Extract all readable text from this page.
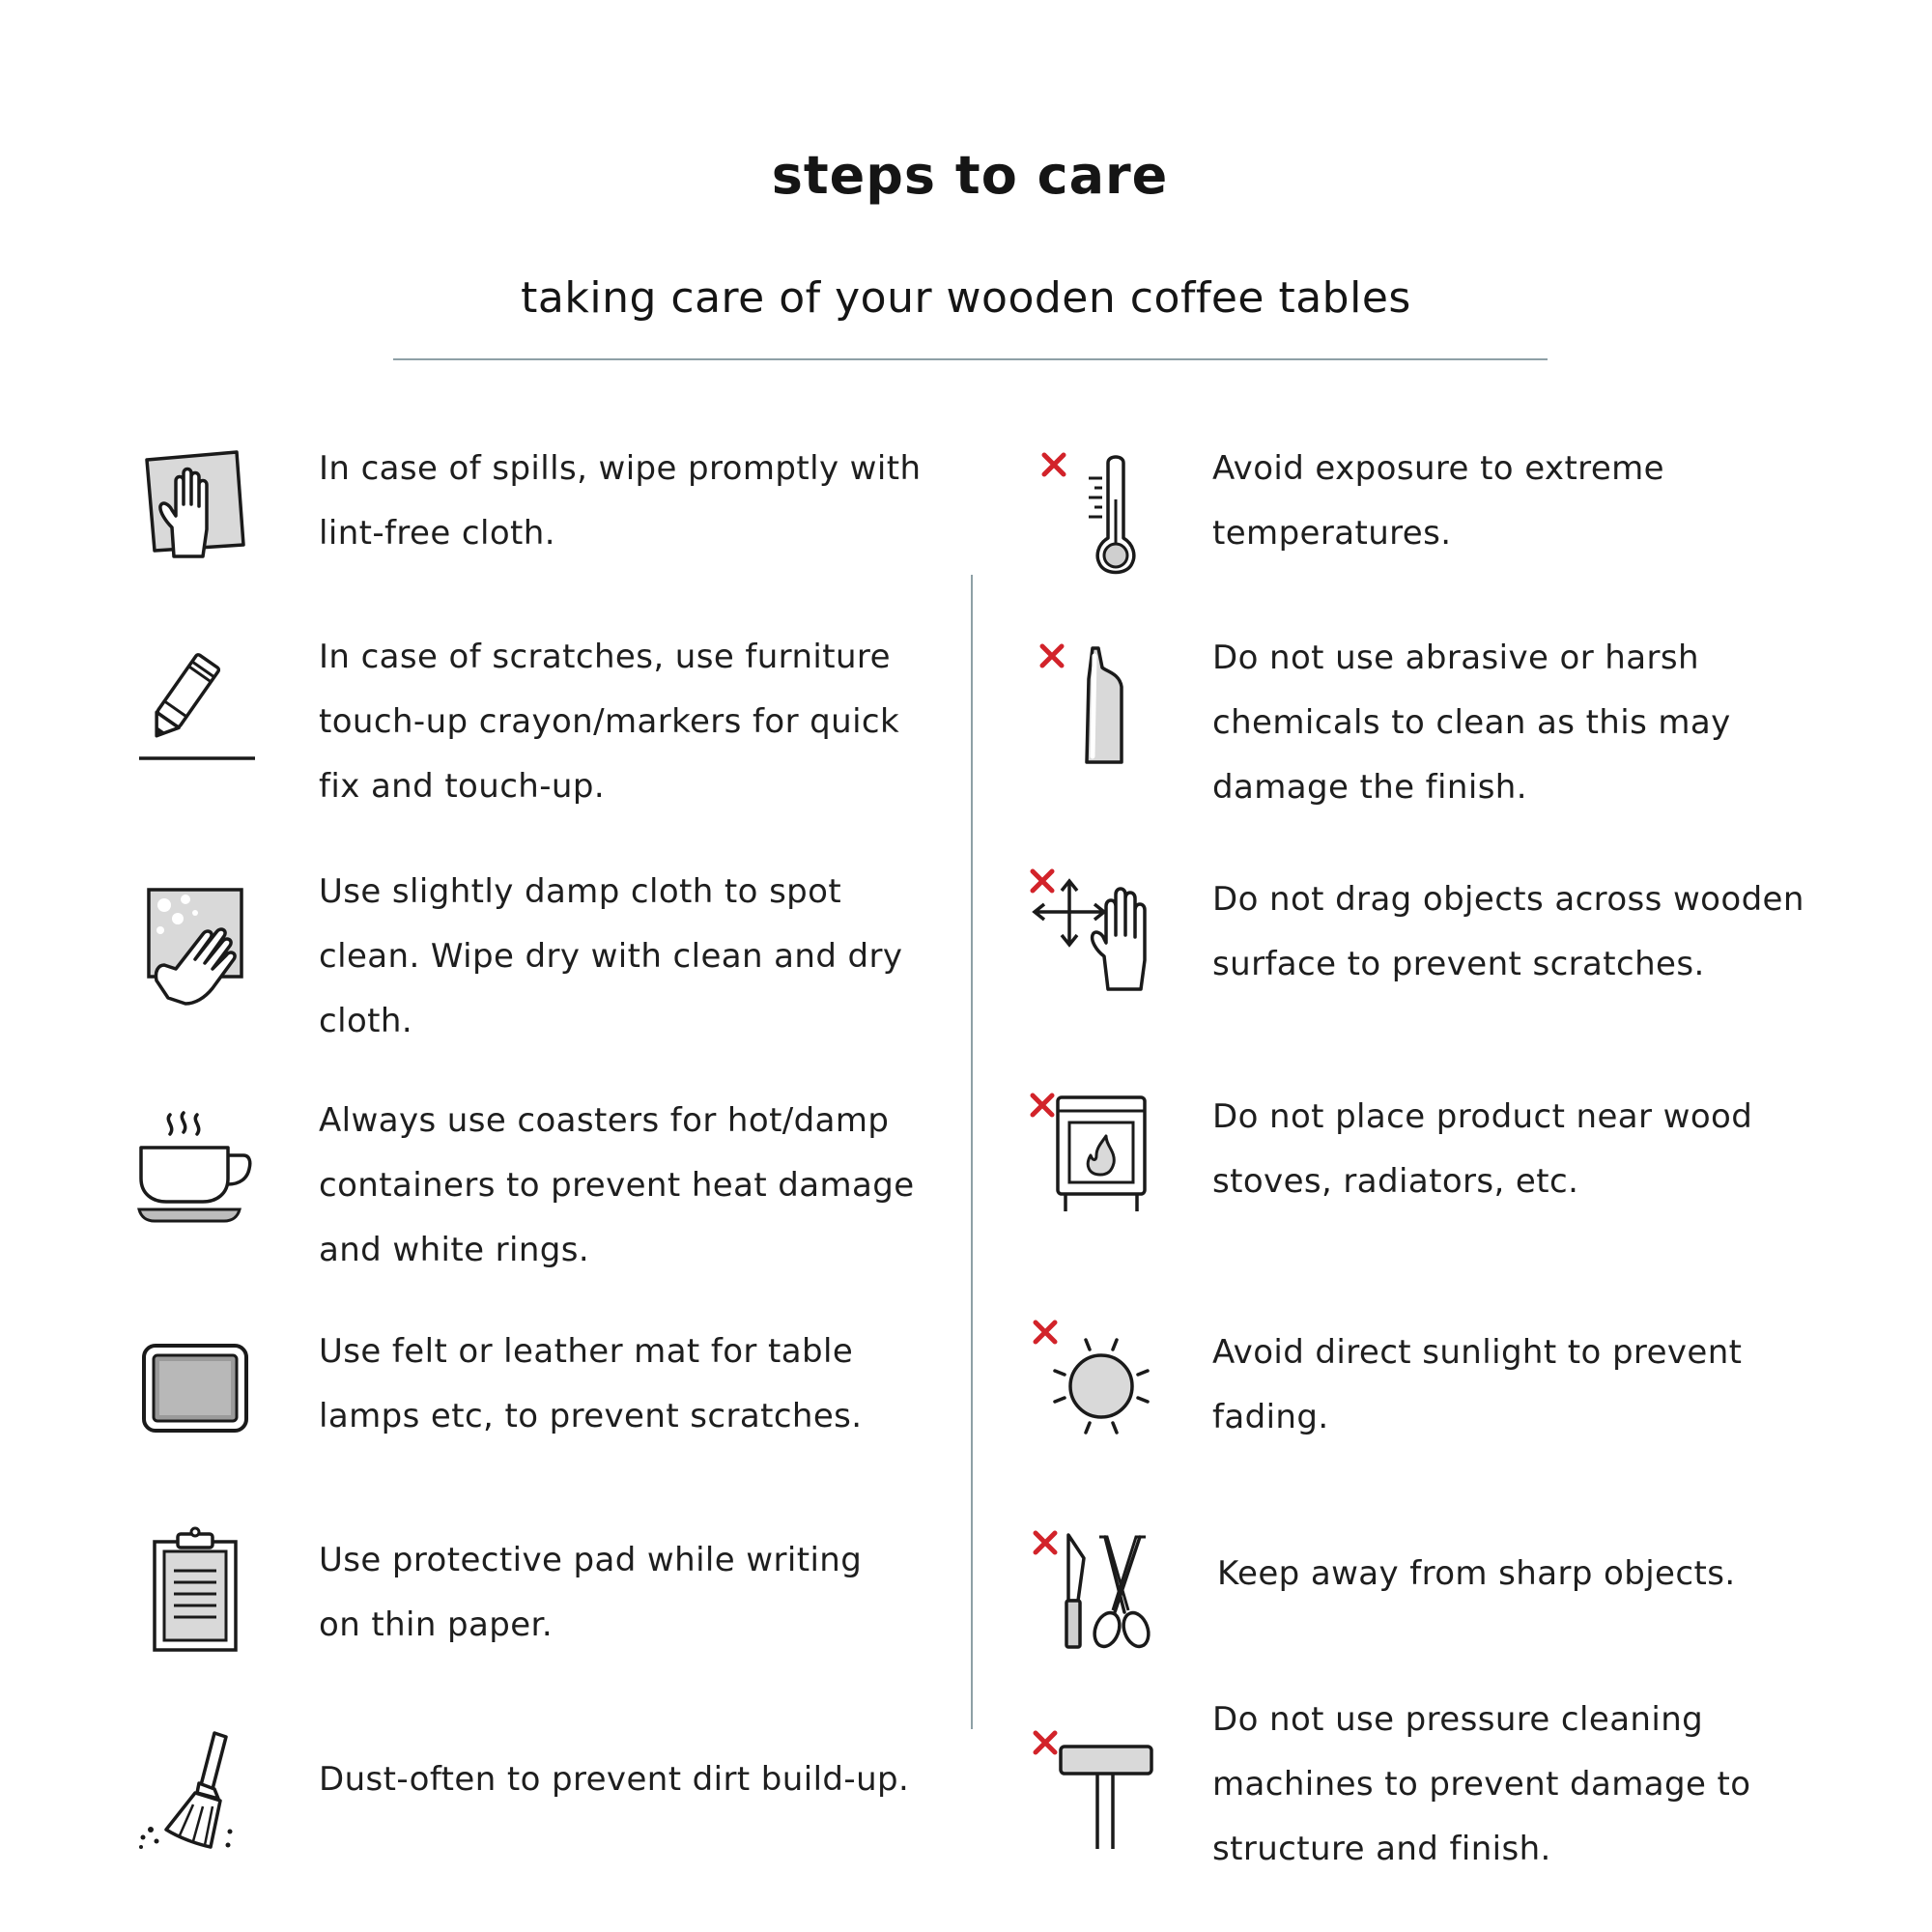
steps to care
taking care of your wooden coffee tables
In case of spills, wipe promptly with
lint-free cloth.
In case of scratches, use furniture
touch-up crayon/markers for quick
fix and touch-up.
Use slightly damp cloth to spot
clean. Wipe dry with clean and dry
cloth.
Always use coasters for hot/damp
containers to prevent heat damage
and white rings.
Use felt or leather mat for table
lamps etc, to prevent scratches.
Use protective pad while writing
on thin paper.
Dust-often to prevent dirt build-up.
Avoid exposure to extreme
temperatures.
Do not use abrasive or harsh
chemicals to clean as this may
damage the finish.
Do not drag objects across wooden
surface to prevent scratches.
Do not place product near wood
stoves, radiators, etc.
Avoid direct sunlight to prevent
fading.
Keep away from sharp objects.
Do not use pressure cleaning
machines to prevent damage to
structure and finish.
